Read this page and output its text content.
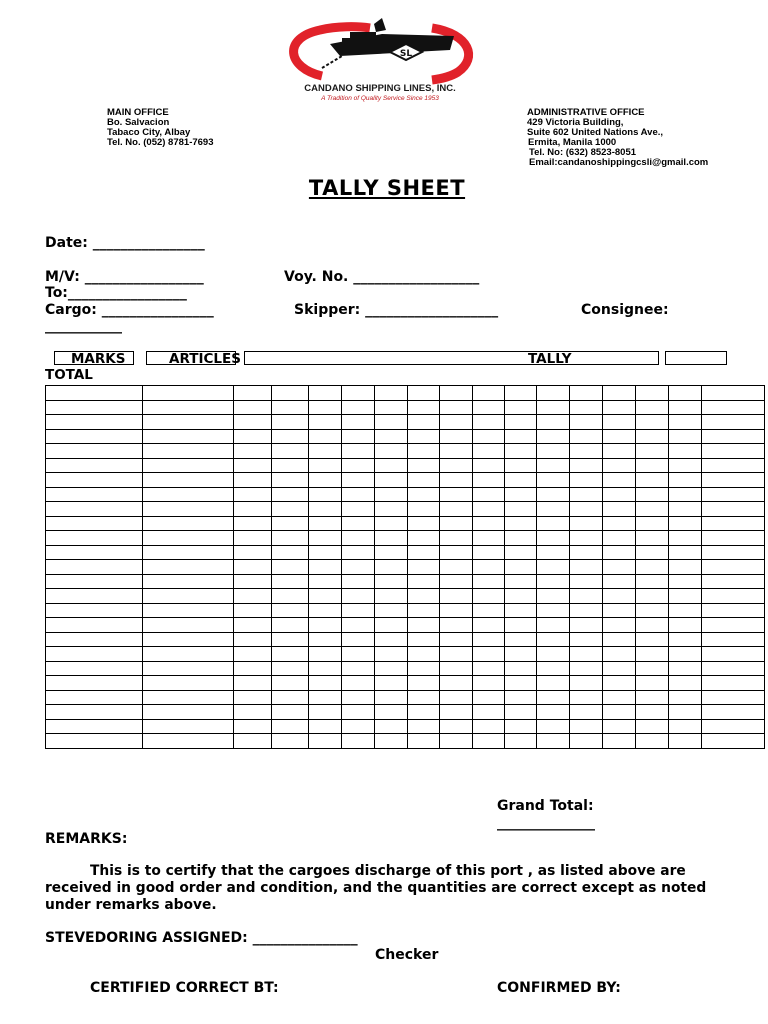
SL
CANDANO SHIPPING LINES, INC.
A Tradition of Quality Service Since 1953
MAIN OFFICE
Bo. Salvacion
Tabaco City, Albay
Tel. No. (052) 8781-7693
ADMINISTRATIVE OFFICE
429 Victoria Building,
Suite 602 United Nations Ave.,
Ermita, Manila 1000
Tel. No: (632) 8523-8051
Email:candanoshippingcsli@gmail.com
TALLY SHEET
Date: ________________
M/V: _________________	Voy. No. __________________
To:_________________
Cargo: ________________	Skipper: ___________________	Consignee:
___________
MARKS	ARTICLES	TALLY
TOTAL

Grand Total:
______________
REMARKS:
This is to certify that the cargoes discharge of this port , as listed above are received in good order and condition, and the quantities are correct except as noted under remarks above.
STEVEDORING ASSIGNED: _______________
Checker
CERTIFIED CORRECT BT:	CONFIRMED BY:
